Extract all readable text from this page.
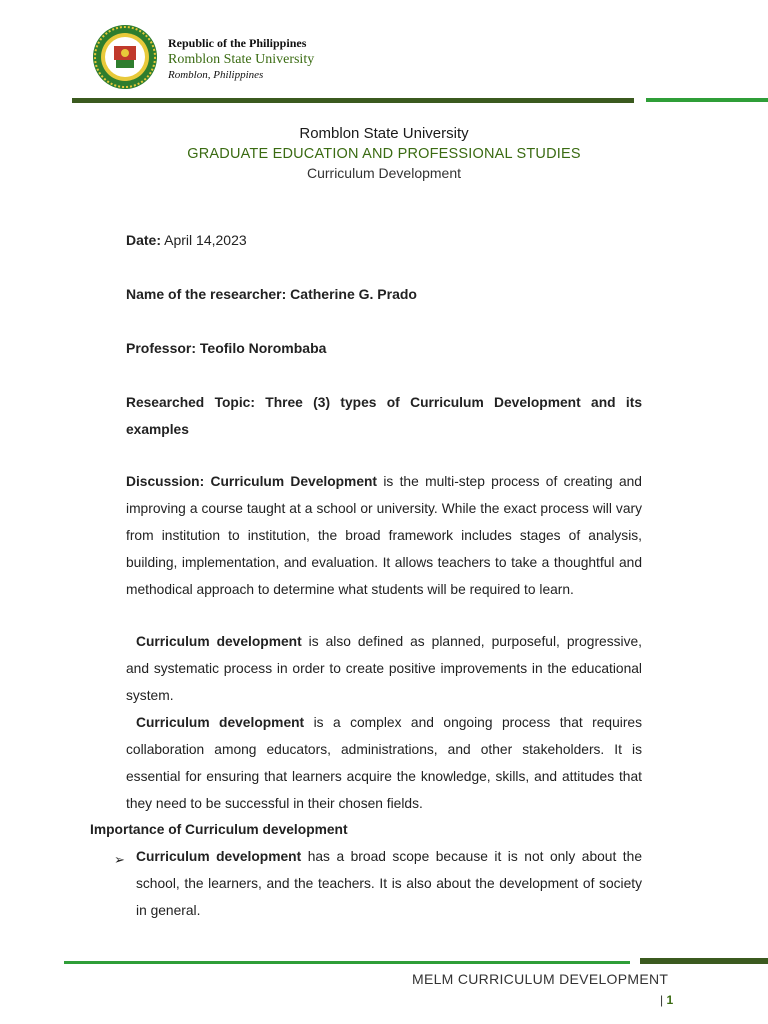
Republic of the Philippines
Romblon State University
Romblon, Philippines
Romblon State University
GRADUATE EDUCATION AND PROFESSIONAL STUDIES
Curriculum Development
Date: April 14,2023
Name of the researcher: Catherine G. Prado
Professor: Teofilo Norombaba
Researched Topic: Three (3) types of Curriculum Development and its examples
Discussion: Curriculum Development is the multi-step process of creating and improving a course taught at a school or university. While the exact process will vary from institution to institution, the broad framework includes stages of analysis, building, implementation, and evaluation. It allows teachers to take a thoughtful and methodical approach to determine what students will be required to learn.
Curriculum development is also defined as planned, purposeful, progressive, and systematic process in order to create positive improvements in the educational system.
Curriculum development is a complex and ongoing process that requires collaboration among educators, administrations, and other stakeholders. It is essential for ensuring that learners acquire the knowledge, skills, and attitudes that they need to be successful in their chosen fields.
Importance of Curriculum development
➢ Curriculum development has a broad scope because it is not only about the school, the learners, and the teachers. It is also about the development of society in general.
MELM CURRICULUM DEVELOPMENT
| 1
